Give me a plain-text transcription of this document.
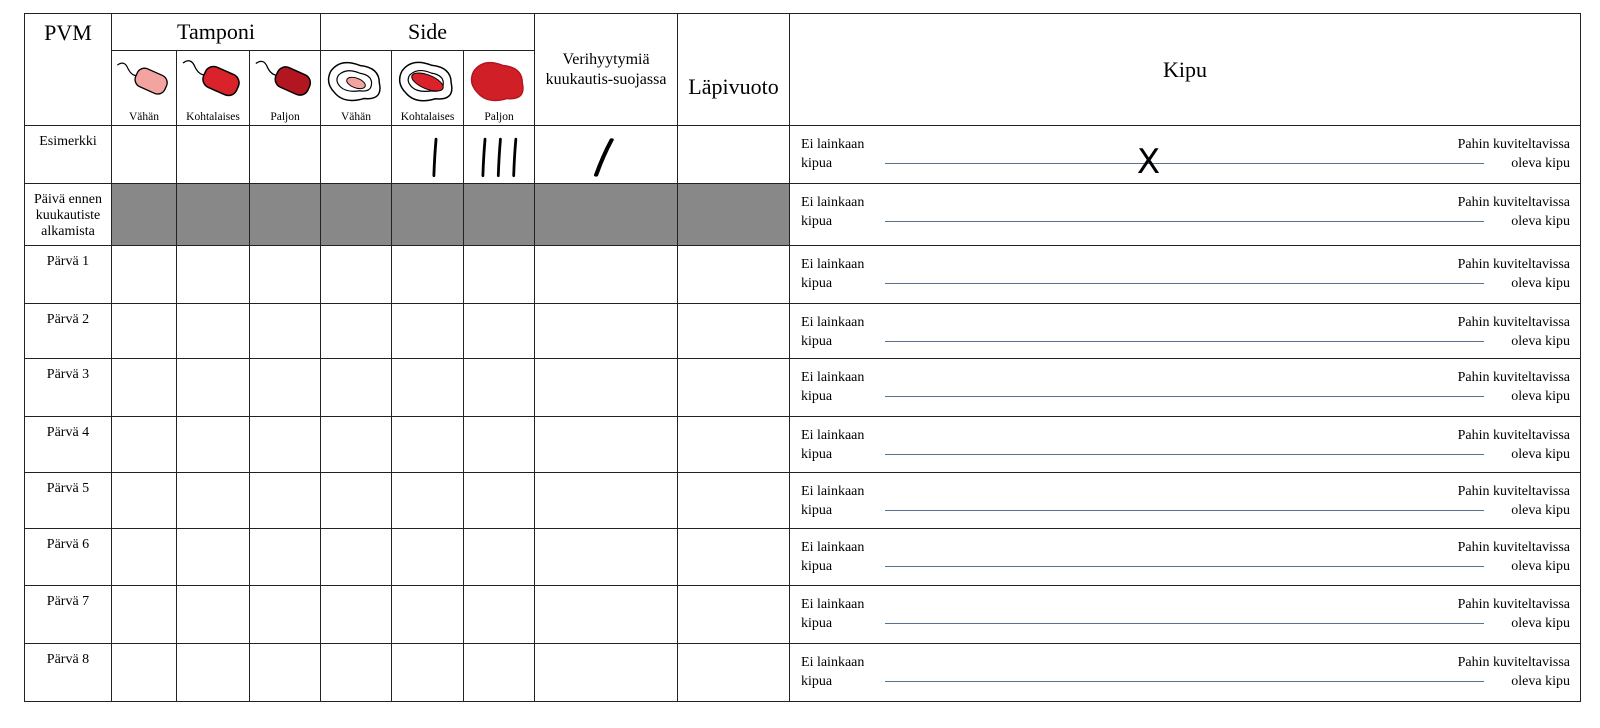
PVM	Tamponi			Side			Verihyytymiä kuukautis-suojassa	Läpivuoto	Kipu

	Vähän	Kohtalaises	Paljon	Vähän	Kohtalaises	Paljon			

Esimerkki									Ei lainkaan
kipua
Pahin kuviteltavissa
oleva kipu
X

Päivä ennen kuukautiste alkamista									Ei lainkaan
kipua
Pahin kuviteltavissa
oleva kipu

Pärvä 1									Ei lainkaan
kipua
Pahin kuviteltavissa
oleva kipu

Pärvä 2									Ei lainkaan
kipua
Pahin kuviteltavissa
oleva kipu

Pärvä 3									Ei lainkaan
kipua
Pahin kuviteltavissa
oleva kipu

Pärvä 4									Ei lainkaan
kipua
Pahin kuviteltavissa
oleva kipu

Pärvä 5									Ei lainkaan
kipua
Pahin kuviteltavissa
oleva kipu

Pärvä 6									Ei lainkaan
kipua
Pahin kuviteltavissa
oleva kipu

Pärvä 7									Ei lainkaan
kipua
Pahin kuviteltavissa
oleva kipu

Pärvä 8									Ei lainkaan
kipua
Pahin kuviteltavissa
oleva kipu
